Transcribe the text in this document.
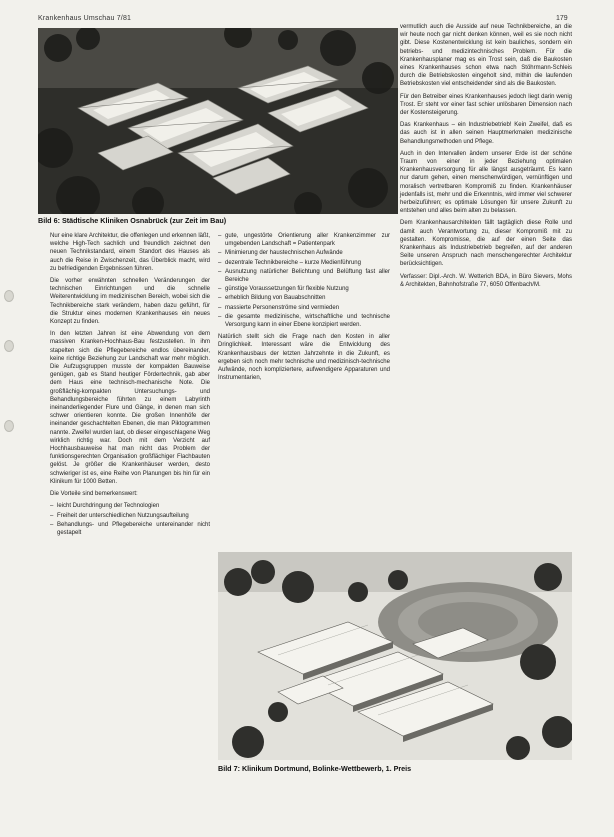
Krankenhaus Umschau 7/81	179
Bild 6: Städtische Kliniken Osnabrück (zur Zeit im Bau)

Nur eine klare Architektur, die offenlegen und erkennen läßt, welche High-Tech sachlich und freundlich zeichnet den neuen Technikstandard, einem Standort des Hauses als auch die Reise in Zwischenzeit, das Überblick macht, wird zu befriedigenden Ergebnissen führen.

Die vorher erwähnten schnellen Veränderungen der technischen Einrichtungen und die schnelle Weiterentwicklung im medizinischen Bereich, wobei sich die Technikbereiche stark verändern, haben dazu geführt, für die Struktur eines modernen Krankenhauses ein neues Konzept zu finden.

In den letzten Jahren ist eine Abwendung von dem massiven Kranken-Hochhaus-Bau festzustellen. In ihm stapelten sich die Pflegebereiche endlos übereinander, keine richtige Beziehung zur Landschaft war mehr möglich. Die Aufzugsgruppen musste der kompakten Bauweise genügen, gab es Stand heutiger Fördertechnik, gab aber dem Haus eine technisch-mechanische Note. Die großflächig-kompakten Untersuchungs- und Behandlungsbereiche führten zu einem Labyrinth ineinanderliegender Flure und Gänge, in denen man sich schwer orientieren konnte. Die großen Innenhöfe der ineinander geschachtelten Ebenen, die man Piktogrammen nannte. Zweifel wurden laut, ob dieser eingeschlagene Weg wirklich richtig war. Doch mit dem Verzicht auf Hochhausbauweise hat man nicht das Problem der funktionsgerechten Organisation großflächiger Flachbauten gelöst. Je größer die Krankenhäuser werden, desto schwieriger ist es, eine Reihe von Planungen bis hin für ein Klinikum für 1000 Betten.

Die Vorteile sind bemerkenswert:

– leicht Durchdringung der Technologien
– Freiheit der unterschiedlichen Nutzungsaufteilung
– Behandlungs- und Pflegebereiche untereinander nicht gestapelt
– gute, ungestörte Orientierung aller Krankenzimmer zur umgebenden Landschaft = Patientenpark
– Minimierung der haustechnischen Aufwände
– dezentrale Technikbereiche – kurze Medienführung
– Ausnutzung natürlicher Belichtung und Belüftung fast aller Bereiche
– günstige Voraussetzungen für flexible Nutzung
– erheblich Bildung von Bauabschnitten
– massierte Personenströme sind vermieden
– die gesamte medizinische, wirtschaftliche und technische Versorgung kann in einer Ebene konzipiert werden.

Natürlich stellt sich die Frage nach den Kosten in aller Dringlichkeit. Interessant wäre die Entwicklung des Krankenhausbaus der letzten Jahrzehnte in die Zukunft, es ergeben sich noch mehr technische und medizinisch-technische Aufwände, noch kompliziertere, aufwendigere Apparaturen und Instrumentarien,

vermutlich auch die Ausside auf neue Technikbereiche, an die wir heute noch gar nicht denken können, weil es sie noch nicht gibt. Diese Kostenentwicklung ist kein bauliches, sondern ein betriebs- und medizintechnisches Problem. Für die Krankenhausplaner mag es ein Trost sein, daß die Baukosten eines Krankenhauses schon etwa nach Stöhrmann-Schleis durch die Betriebskosten eingeholt sind, mithin die laufenden Betriebskosten viel entscheidender sind als die Baukosten.

Für den Betreiber eines Krankenhauses jedoch liegt darin wenig Trost. Er steht vor einer fast schier unlösbaren Dimension nach der Kostensteigerung.

Das Krankenhaus – ein Industriebetrieb! Kein Zweifel, daß es das auch ist in allen seinen Hauptmerkmalen medizinische Behandlungsmethoden und Pflege.

Auch in den Intervallen ändern unserer Erde ist der schöne Traum von einer in jeder Beziehung optimalen Krankenhausversorgung für alle längst ausgeträumt. Es kann nur darum gehen, einen menschenwürdigen, vernünftigen und moralisch vertretbaren Kompromiß zu finden. Krankenhäuser jedenfalls ist, mehr und die Erkenntnis, wird immer viel schwerer herbeizuführen; es optimale Lösungen für unsere Zukunft zu entstehen und alles beim alten zu belassen.

Dem Krankenhausarchitekten fällt tagtäglich diese Rolle und damit auch Verantwortung zu, dieser Kompromiß mit zu gestalten. Kompromisse, die auf der einen Seite das Krankenhaus als Industriebetrieb begreifen, auf der anderen Seite unseren Anspruch nach menschengerechter Architektur berücksichtigen.

Verfasser: Dipl.-Arch. W. Wetterich BDA, in Büro Sievers, Mohs & Architekten, Bahnhofstraße 77, 6050 Offenbach/M.

Bild 7: Klinikum Dortmund, Bolinke-Wettbewerb, 1. Preis
